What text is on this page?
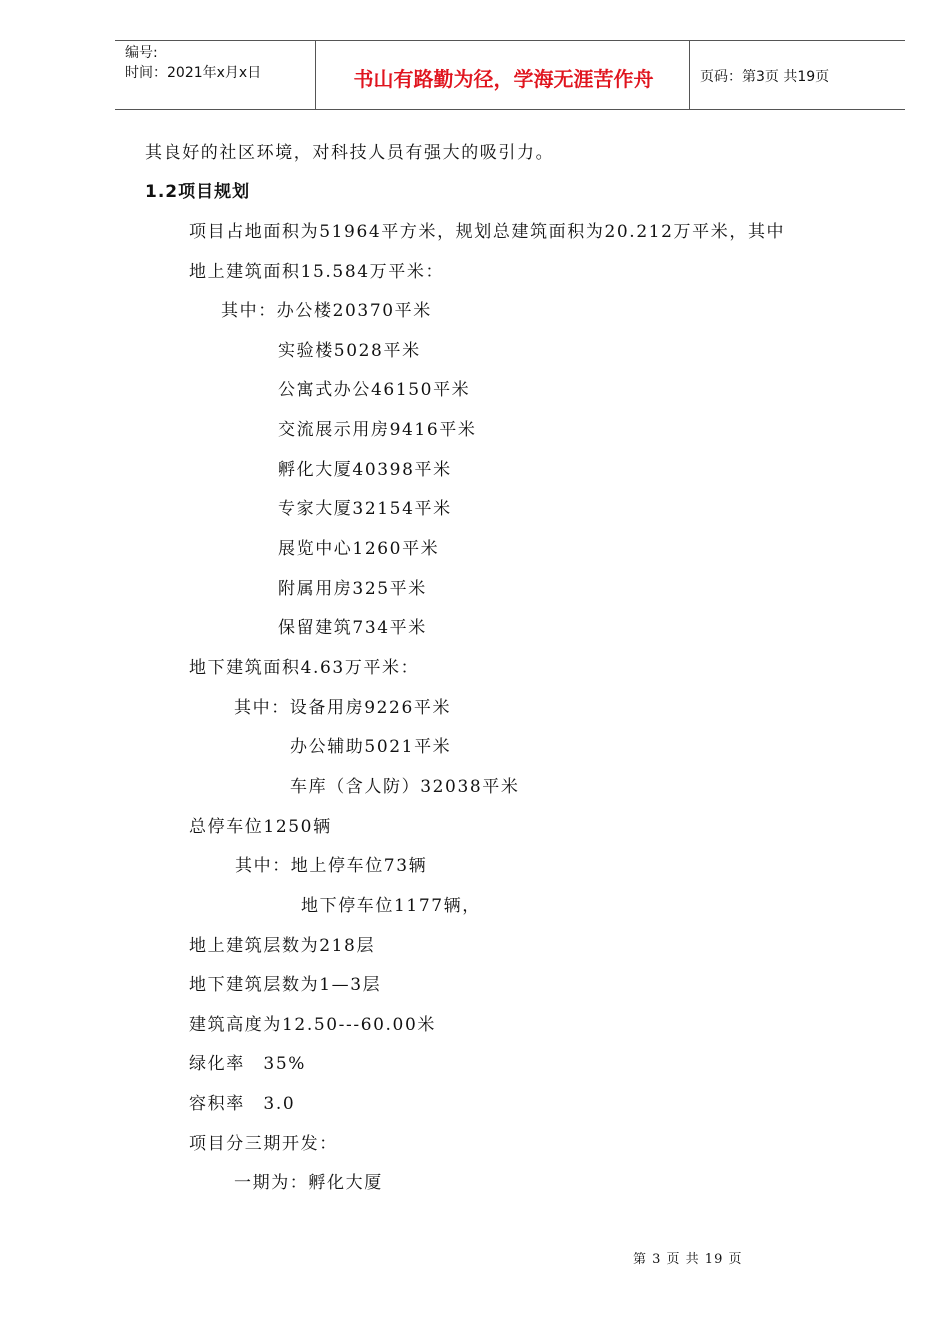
编号:
时间：2021年x月x日	书山有路勤为径，学海无涯苦作舟	页码：第3页 共19页
其良好的社区环境，对科技人员有强大的吸引力。
1.2项目规划
项目占地面积为51964平方米，规划总建筑面积为20.212万平米，其中
地上建筑面积15.584万平米：
其中：办公楼20370平米
实验楼5028平米
公寓式办公46150平米
交流展示用房9416平米
孵化大厦40398平米
专家大厦32154平米
展览中心1260平米
附属用房325平米
保留建筑734平米
地下建筑面积4.63万平米：
其中：设备用房9226平米
办公辅助5021平米
车库（含人防）32038平米
总停车位1250辆
其中：地上停车位73辆
地下停车位1177辆，
地上建筑层数为218层
地下建筑层数为1—3层
建筑高度为12.50---60.00米
绿化率　35%
容积率　3.0
项目分三期开发：
一期为：孵化大厦
第 3 页 共 19 页
